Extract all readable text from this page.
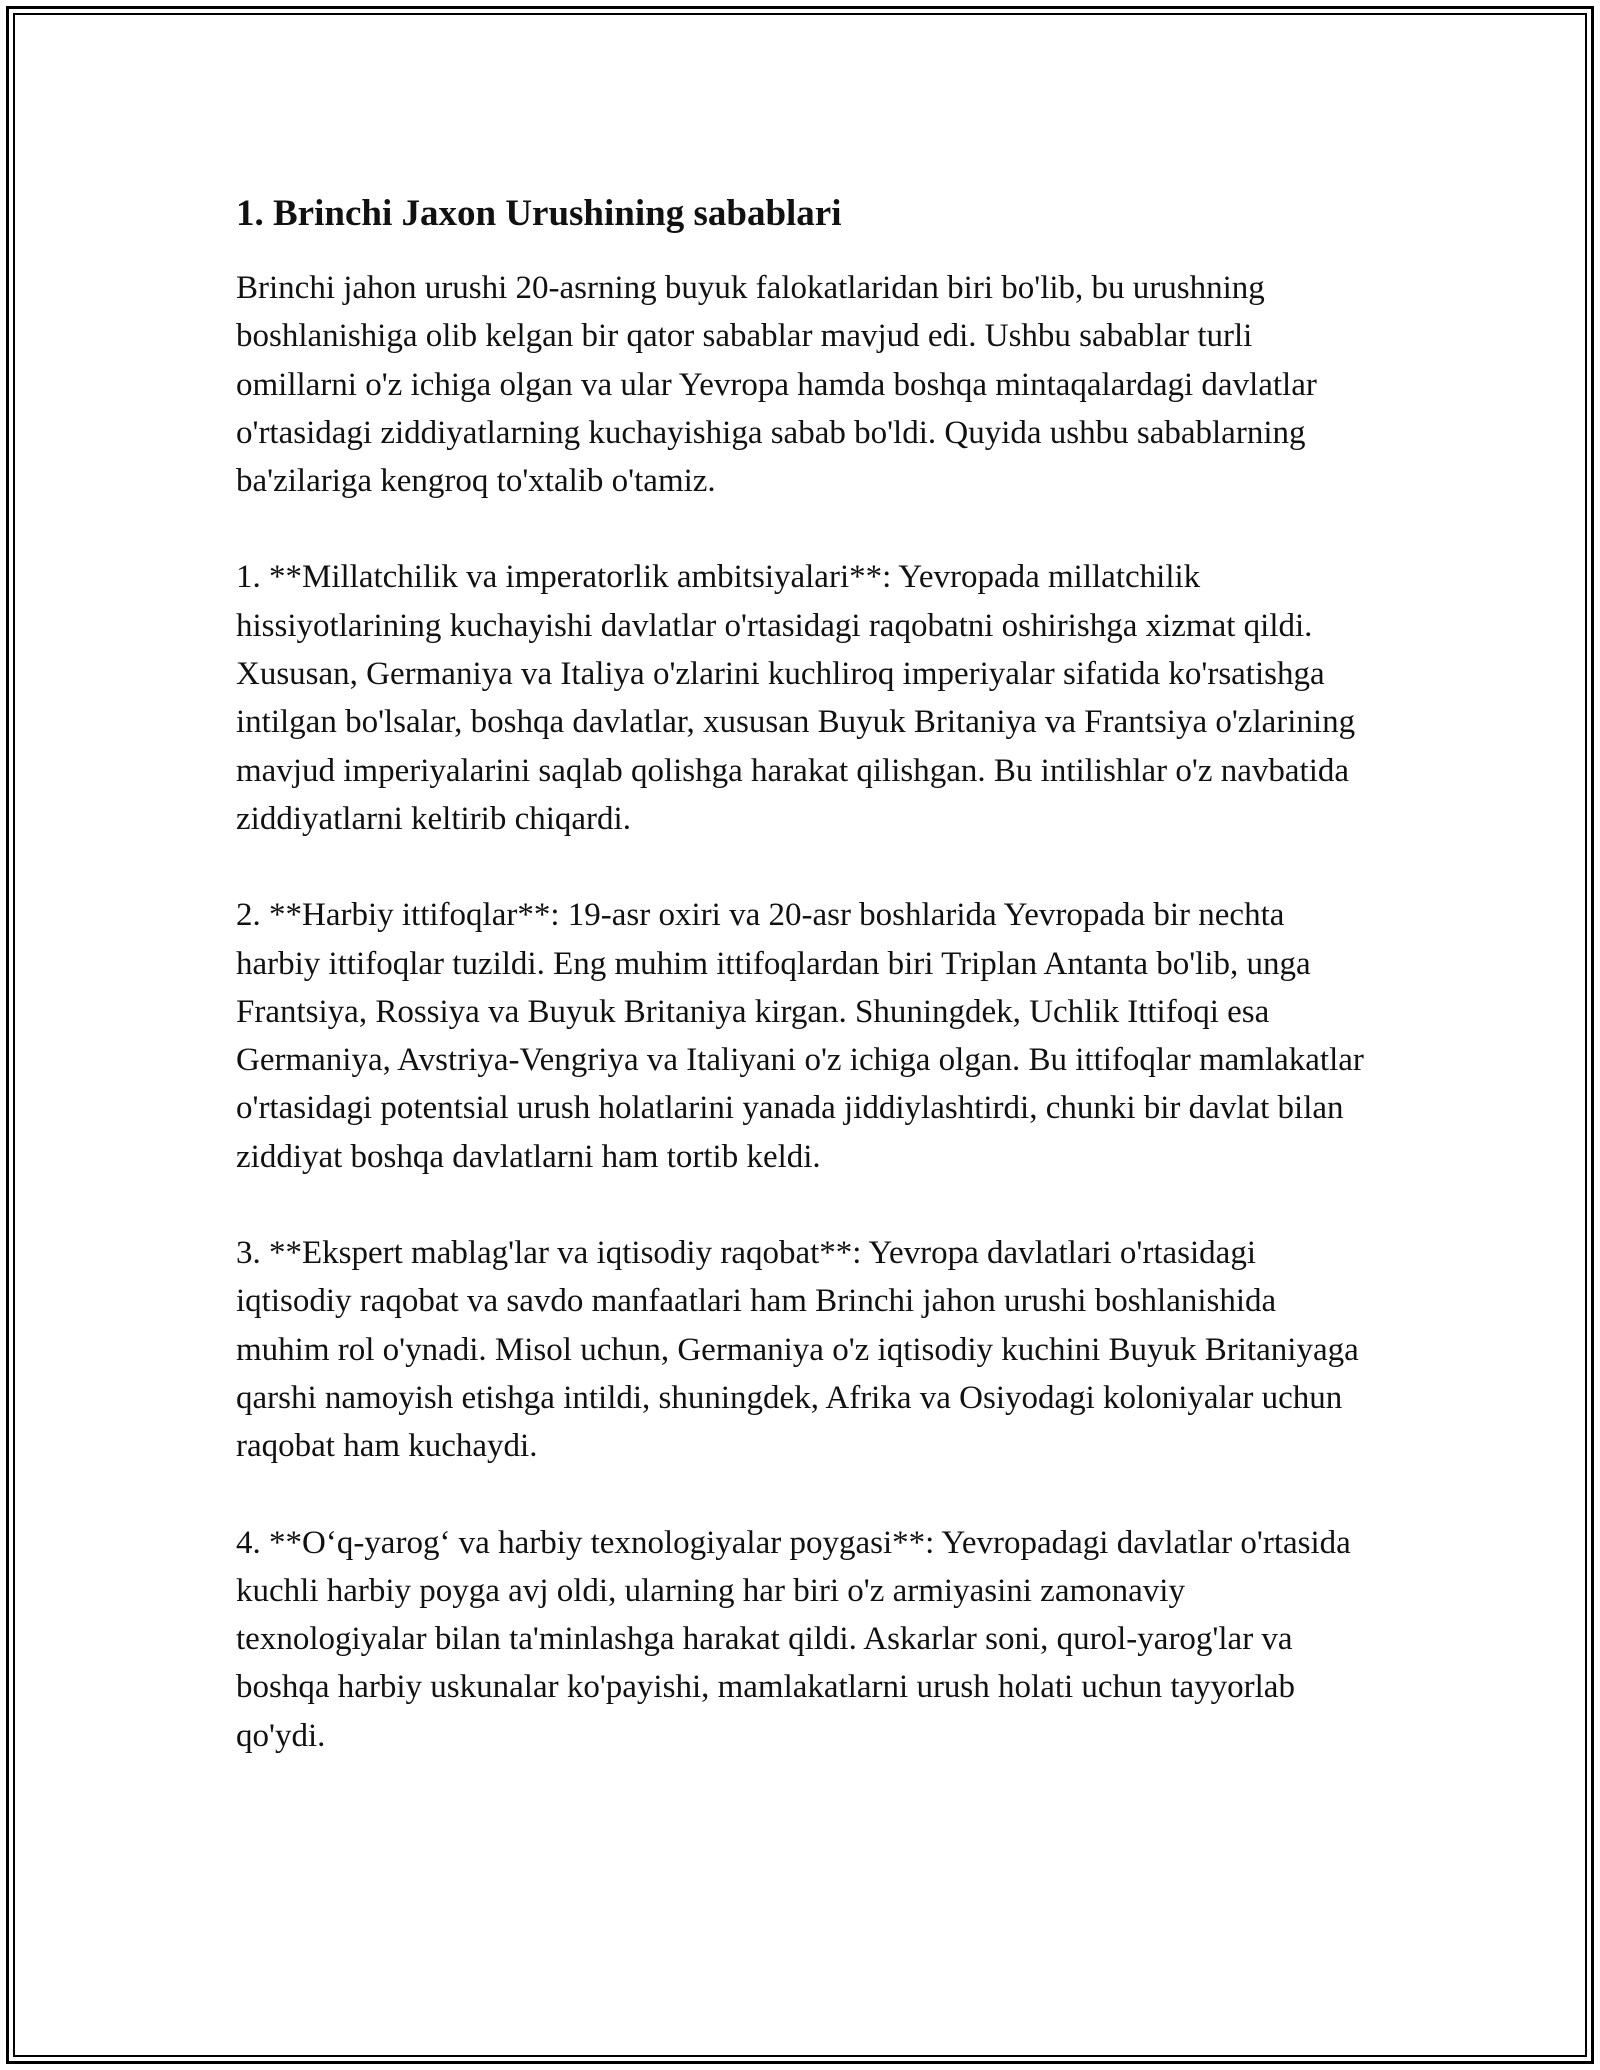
1. Brinchi Jaxon Urushining sabablari

Brinchi jahon urushi 20-asrning buyuk falokatlaridan biri bo'lib, bu urushning boshlanishiga olib kelgan bir qator sabablar mavjud edi. Ushbu sabablar turli omillarni o'z ichiga olgan va ular Yevropa hamda boshqa mintaqalardagi davlatlar o'rtasidagi ziddiyatlarning kuchayishiga sabab bo'ldi. Quyida ushbu sabablarning ba'zilariga kengroq to'xtalib o'tamiz.

1. **Millatchilik va imperatorlik ambitsiyalari**: Yevropada millatchilik hissiyotlarining kuchayishi davlatlar o'rtasidagi raqobatni oshirishga xizmat qildi. Xususan, Germaniya va Italiya o'zlarini kuchliroq imperiyalar sifatida ko'rsatishga intilgan bo'lsalar, boshqa davlatlar, xususan Buyuk Britaniya va Frantsiya o'zlarining mavjud imperiyalarini saqlab qolishga harakat qilishgan. Bu intilishlar o'z navbatida ziddiyatlarni keltirib chiqardi.

2. **Harbiy ittifoqlar**: 19-asr oxiri va 20-asr boshlarida Yevropada bir nechta harbiy ittifoqlar tuzildi. Eng muhim ittifoqlardan biri Triplan Antanta bo'lib, unga Frantsiya, Rossiya va Buyuk Britaniya kirgan. Shuningdek, Uchlik Ittifoqi esa Germaniya, Avstriya-Vengriya va Italiyani o'z ichiga olgan. Bu ittifoqlar mamlakatlar o'rtasidagi potentsial urush holatlarini yanada jiddiylashtirdi, chunki bir davlat bilan ziddiyat boshqa davlatlarni ham tortib keldi.

3. **Ekspert mablag'lar va iqtisodiy raqobat**: Yevropa davlatlari o'rtasidagi iqtisodiy raqobat va savdo manfaatlari ham Brinchi jahon urushi boshlanishida muhim rol o'ynadi. Misol uchun, Germaniya o'z iqtisodiy kuchini Buyuk Britaniyaga qarshi namoyish etishga intildi, shuningdek, Afrika va Osiyodagi koloniyalar uchun raqobat ham kuchaydi.

4. **O‘q-yarog‘ va harbiy texnologiyalar poygasi**: Yevropadagi davlatlar o'rtasida kuchli harbiy poyga avj oldi, ularning har biri o'z armiyasini zamonaviy texnologiyalar bilan ta'minlashga harakat qildi. Askarlar soni, qurol-yarog'lar va boshqa harbiy uskunalar ko'payishi, mamlakatlarni urush holati uchun tayyorlab qo'ydi.
